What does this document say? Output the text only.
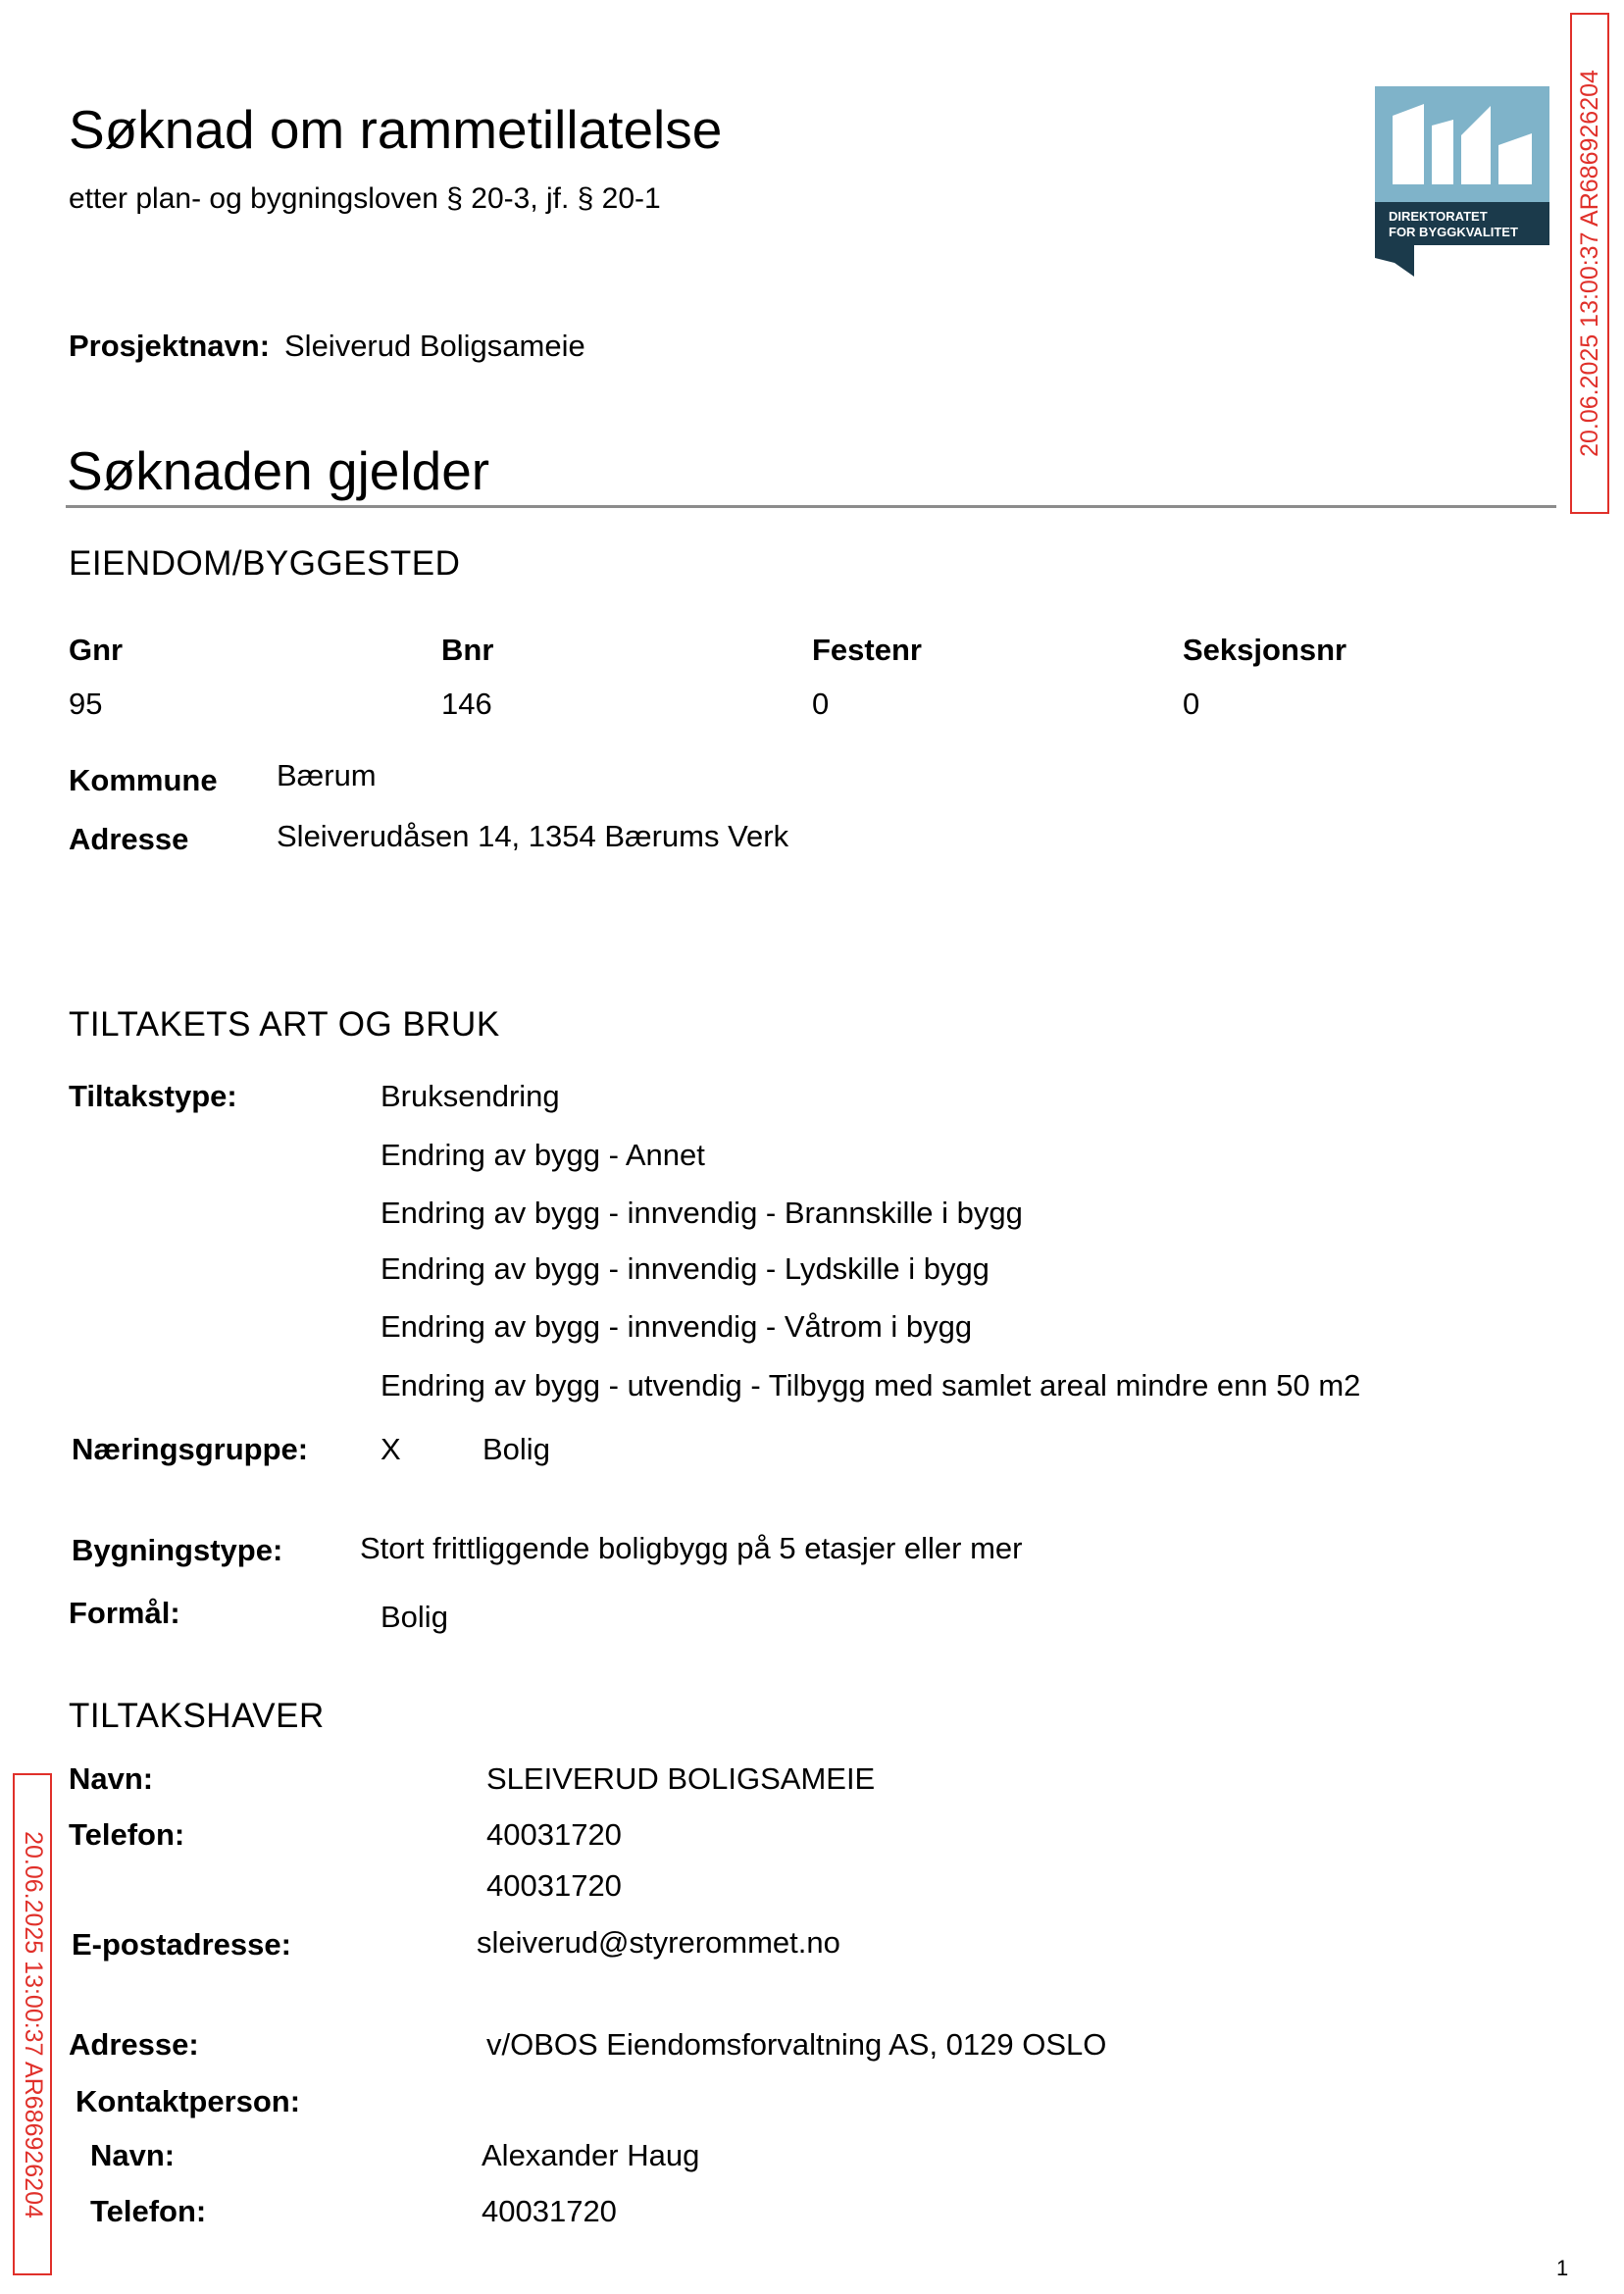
Søknad om rammetillatelse
etter plan- og bygningsloven § 20-3, jf. § 20-1
DIREKTORATET
FOR BYGGKVALITET 20.06.2025 13:00:37 AR686926204
20.06.2025 13:00:37 AR686926204
Prosjektnavn: Sleiverud Boligsameie
Søknaden gjelder
EIENDOM/BYGGESTED
Gnr	Bnr	Festenr	Seksjonsnr
95	146	0	0
Kommune Bærum
Adresse	Sleiverudåsen 14, 1354 Bærums Verk
TILTAKETS ART OG BRUK
Tiltakstype:	Bruksendring
Endring av bygg - Annet
Endring av bygg - innvendig - Brannskille i bygg
Endring av bygg - innvendig - Lydskille i bygg
Endring av bygg - innvendig - Våtrom i bygg
Endring av bygg - utvendig - Tilbygg med samlet areal mindre enn 50 m2
Næringsgruppe: X	Bolig
Bygningstype:	Stort frittliggende boligbygg på 5 etasjer eller mer
Formål:	Bolig
TILTAKSHAVER
Navn:	SLEIVERUD BOLIGSAMEIE
Telefon:	40031720
40031720
E-postadresse:	sleiverud@styrerommet.no
Adresse:	v/OBOS Eiendomsforvaltning AS, 0129 OSLO
Kontaktperson:
Navn:	Alexander Haug
Telefon:	40031720
1
